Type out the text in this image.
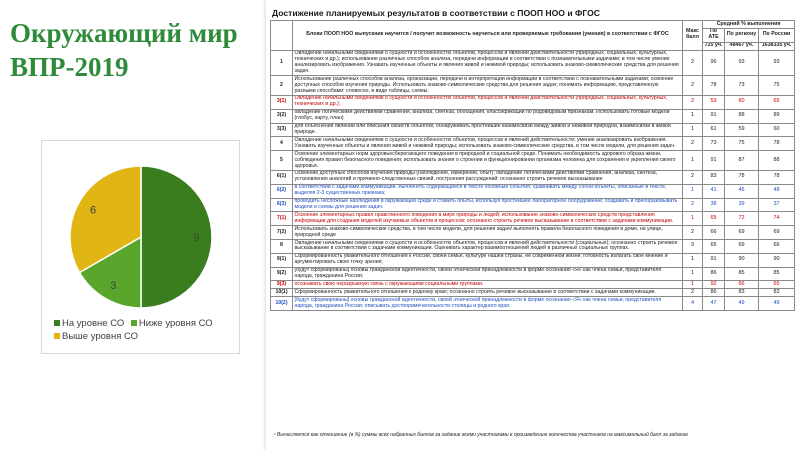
Окружающий мир
ВПР-2019
9
3
6
На уровне СО Ниже уровня СО Выше уровня СО
Достижение планируемых результатов в соответствии с ПООП НОО и ФГОС
	Блоки ПООП НОО выпускник научится / получит возможность научиться или проверяемые требования (умения) в соответствии с ФГОС	Макс балл	Средний % выполнения		
			По АТЕ	По региону	По России
			725 уч.	48467 уч.	1638335 уч.
1	Овладение начальными сведениями о сущности и особенностях объектов, процессов и явлений действительности (природных, социальных, культурных, технических и др.); использование различных способов анализа, передачи информации в соответствии с познавательными задачами; в том числе умение анализировать изображения. Узнавать изученные объекты и явления живой и неживой природы; использовать знаково-символические средства для решения задач.	2	96	93	93
2	Использование различных способов анализа, организации, передачи и интерпретации информации в соответствии с познавательными задачами; освоение доступных способов изучения природы. Использовать знаково-символические средства для решения задач; понимать информацию, представленную разными способами: словесно, в виде таблицы, схемы.	2	78	73	75
3(1)	Овладение начальными сведениями о сущности и особенностях объектов, процессов и явлений действительности (природных, социальных, культурных, технических и др.);	2	53	60	65
3(2)	овладение логическими действиями сравнения, анализа, синтеза, обобщения, классификации по родовидовым признакам. Использовать готовые модели (глобус, карту, план)	1	91	88	89
3(3)	для объяснения явлений или описания свойств объектов; обнаруживать простейшие взаимосвязи между живой и неживой природой, взаимосвязи в живой природе.	1	61	59	60
4	Овладение начальными сведениями о сущности и особенностях объектов, процессов и явлений действительности; умение анализировать изображения. Узнавать изученные объекты и явления живой и неживой природы; использовать знаково-символические средства, в том числе модели, для решения задач.	2	73	75	78
5	Освоение элементарных норм здоровьесберегающего поведения в природной и социальной среде. Понимать необходимость здорового образа жизни, соблюдения правил безопасного поведения; использовать знания о строении и функционировании организма человека для сохранения и укрепления своего здоровья.	1	91	87	88
6(1)	Освоение доступных способов изучения природы (наблюдение, измерение, опыт); овладение логическими действиями сравнения, анализа, синтеза, установления аналогий и причинно-следственных связей, построения рассуждений; осознанно строить речевое высказывание	2	83	78	78
6(2)	в соответствии с задачами коммуникации. Вычленять содержащиеся в тексте основные события; сравнивать между собой объекты, описанные в тексте, выделяя 2-3 существенных признака;	1	41	46	48
6(3)	проводить несложные наблюдения в окружающей среде и ставить опыты, используя простейшее лабораторное оборудование; создавать и преобразовывать модели и схемы для решения задач.	2	38	39	37
7(1)	Освоение элементарных правил нравственного поведения в мире природы и людей; использование знаково-символических средств представления информации для создания моделей изучаемых объектов и процессов; осознанно строить речевое высказывание в соответствии с задачами коммуникации.	1	65	72	74
7(2)	Использовать знаково-символические средства, в том числе модели, для решения задач/ выполнять правила безопасного поведения в доме, на улице, природной среде	2	66	69	69
8	Овладение начальными сведениями о сущности и особенностях объектов, процессов и явлений действительности (социальных); осознанно строить речевое высказывание в соответствии с задачами коммуникации. Оценивать характер взаимоотношений людей в различных социальных группах.	3	65	69	66
9(1)	Сформированность уважительного отношения к России, своей семье, культуре нашей страны, ее современной жизни; готовность излагать свое мнение и аргументировать свою точку зрения;	1	91	90	90
9(2)	[будут сформированы] основы гражданской идентичности, своей этнической принадлежности в форме осознания «Я» как члена семьи, представителя народа, гражданина России;	1	86	85	85
9(3)	осознавать свою неразрывную связь с окружающими социальными группами.	1	92	66	65
10(1)	Сформированность уважительного отношения к родному краю; осознанно строить речевое высказывание в соответствии с задачами коммуникации.	2	86	83	83
10(2)	[будут сформированы] основы гражданской идентичности, своей этнической принадлежности в форме осознания «Я» как члена семьи, представителя народа, гражданина России; описывать достопримечательности столицы и родного края.	4	47	49	49
¹ Вычисляется как отношение (в %) суммы всех набранных баллов за задание всеми участниками к произведению количества участников на максимальный балл за задание
